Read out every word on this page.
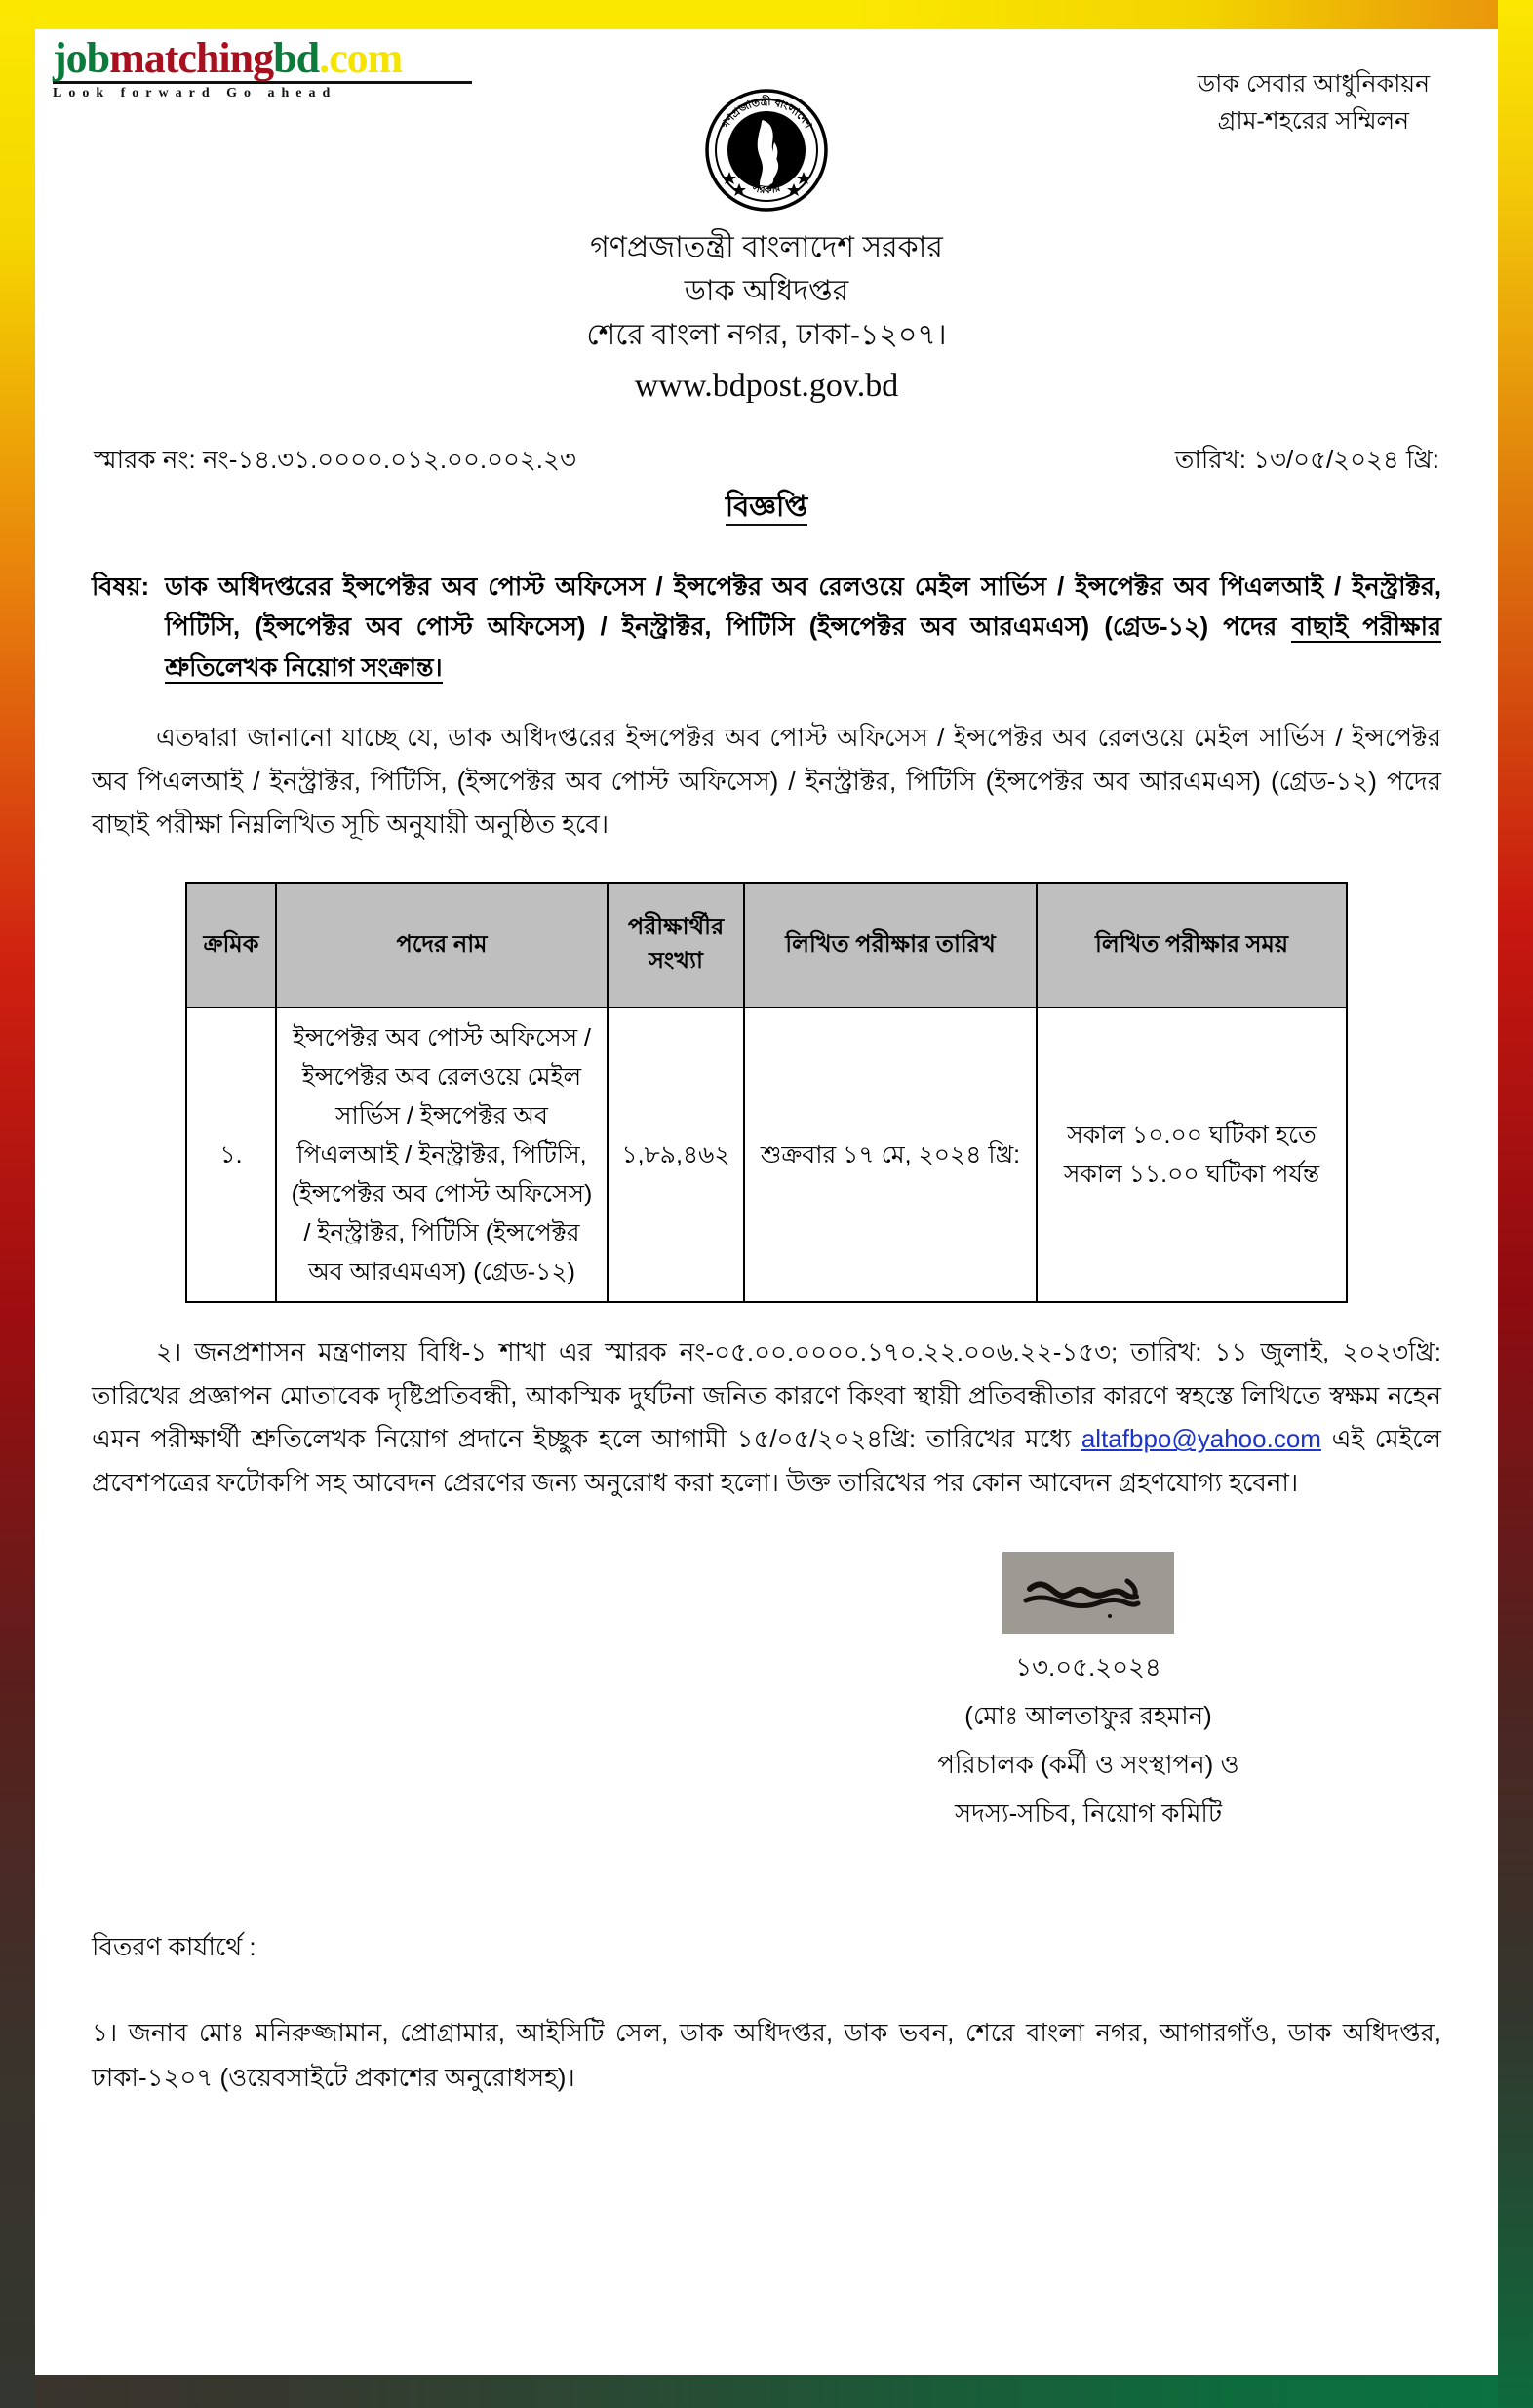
jobmatchingbd.com
Look forward Go ahead	ডাক সেবার আধুনিকায়ন
গ্রাম-শহরের সম্মিলন
গণপ্রজাতন্ত্রী বাংলাদেশ
সরকার
গণপ্রজাতন্ত্রী বাংলাদেশ সরকার
ডাক অধিদপ্তর
শেরে বাংলা নগর, ঢাকা-১২০৭।
www.bdpost.gov.bd
স্মারক নং: নং-১৪.৩১.০০০০.০১২.০০.০০২.২৩	তারিখ: ১৩/০৫/২০২৪ খ্রি:
বিজ্ঞপ্তি
বিষয়: ডাক অধিদপ্তরের ইন্সপেক্টর অব পোস্ট অফিসেস / ইন্সপেক্টর অব রেলওয়ে মেইল সার্ভিস / ইন্সপেক্টর অব পিএলআই / ইনস্ট্রাক্টর, পিটিসি, (ইন্সপেক্টর অব পোস্ট অফিসেস) / ইনস্ট্রাক্টর, পিটিসি (ইন্সপেক্টর অব আরএমএস) (গ্রেড-১২) পদের বাছাই পরীক্ষার শ্রুতিলেখক নিয়োগ সংক্রান্ত।
এতদ্বারা জানানো যাচ্ছে যে, ডাক অধিদপ্তরের ইন্সপেক্টর অব পোস্ট অফিসেস / ইন্সপেক্টর অব রেলওয়ে মেইল সার্ভিস / ইন্সপেক্টর অব পিএলআই / ইনস্ট্রাক্টর, পিটিসি, (ইন্সপেক্টর অব পোস্ট অফিসেস) / ইনস্ট্রাক্টর, পিটিসি (ইন্সপেক্টর অব আরএমএস) (গ্রেড-১২) পদের বাছাই পরীক্ষা নিম্নলিখিত সূচি অনুযায়ী অনুষ্ঠিত হবে।
ক্রমিক	পদের নাম	পরীক্ষার্থীর সংখ্যা	লিখিত পরীক্ষার তারিখ	লিখিত পরীক্ষার সময়
১.	ইন্সপেক্টর অব পোস্ট অফিসেস / ইন্সপেক্টর অব রেলওয়ে মেইল সার্ভিস / ইন্সপেক্টর অব পিএলআই / ইনস্ট্রাক্টর, পিটিসি, (ইন্সপেক্টর অব পোস্ট অফিসেস) / ইনস্ট্রাক্টর, পিটিসি (ইন্সপেক্টর অব আরএমএস) (গ্রেড-১২)	১,৮৯,৪৬২	শুক্রবার ১৭ মে, ২০২৪ খ্রি:	সকাল ১০.০০ ঘটিকা হতে সকাল ১১.০০ ঘটিকা পর্যন্ত
২। জনপ্রশাসন মন্ত্রণালয় বিধি-১ শাখা এর স্মারক নং-০৫.০০.০০০০.১৭০.২২.০০৬.২২-১৫৩; তারিখ: ১১ জুলাই, ২০২৩খ্রি: তারিখের প্রজ্ঞাপন মোতাবেক দৃষ্টিপ্রতিবন্ধী, আকস্মিক দুর্ঘটনা জনিত কারণে কিংবা স্থায়ী প্রতিবন্ধীতার কারণে স্বহস্তে লিখিতে স্বক্ষম নহেন এমন পরীক্ষার্থী শ্রুতিলেখক নিয়োগ প্রদানে ইচ্ছুক হলে আগামী ১৫/০৫/২০২৪খ্রি: তারিখের মধ্যে altafbpo@yahoo.com এই মেইলে প্রবেশপত্রের ফটোকপি সহ আবেদন প্রেরণের জন্য অনুরোধ করা হলো। উক্ত তারিখের পর কোন আবেদন গ্রহণযোগ্য হবেনা।
১৩.০৫.২০২৪
(মোঃ আলতাফুর রহমান)
পরিচালক (কর্মী ও সংস্থাপন) ও
সদস্য-সচিব, নিয়োগ কমিটি
বিতরণ কার্যার্থে :
১। জনাব মোঃ মনিরুজ্জামান, প্রোগ্রামার, আইসিটি সেল, ডাক অধিদপ্তর, ডাক ভবন, শেরে বাংলা নগর, আগারগাঁও, ডাক অধিদপ্তর, ঢাকা-১২০৭ (ওয়েবসাইটে প্রকাশের অনুরোধসহ)।
